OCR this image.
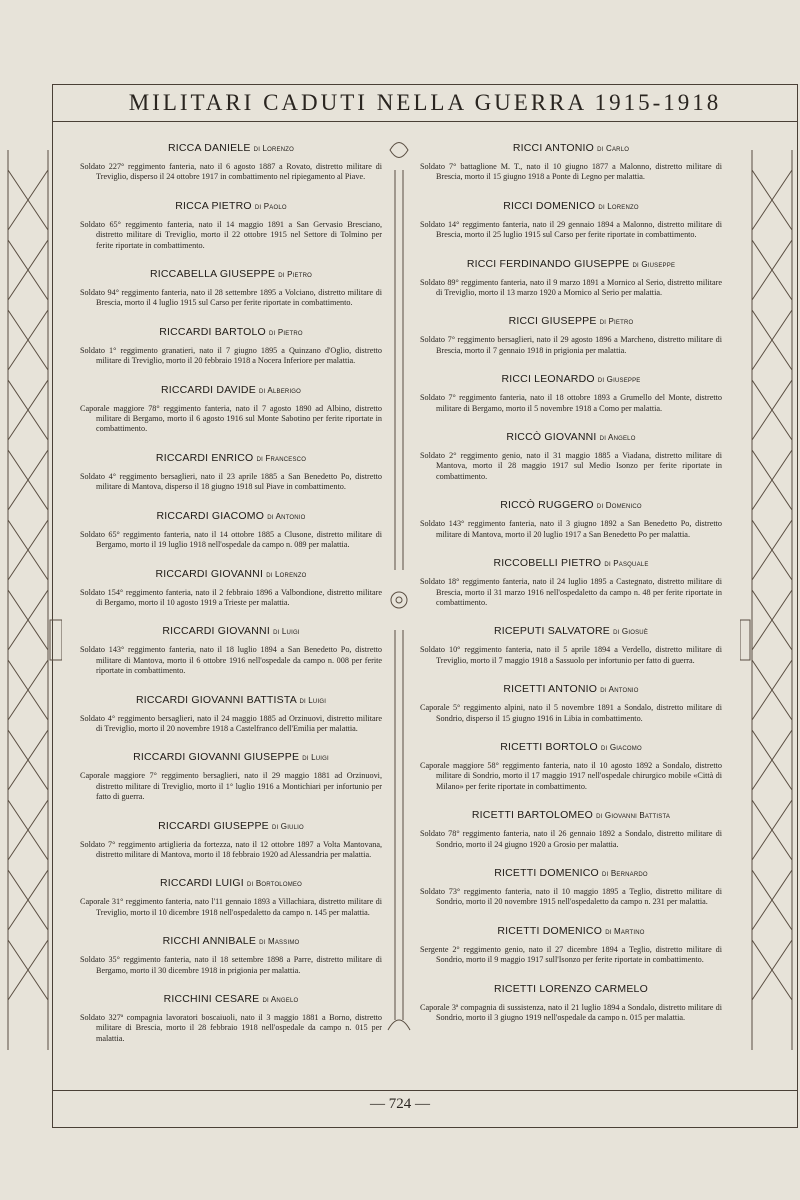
MILITARI CADUTI NELLA GUERRA 1915-1918
RICCA DANIELE di Lorenzo
Soldato 227° reggimento fanteria, nato il 6 agosto 1887 a Rovato, distretto militare di Treviglio, disperso il 24 ottobre 1917 in combattimento nel ripiegamento al Piave.
RICCA PIETRO di Paolo
Soldato 65° reggimento fanteria, nato il 14 maggio 1891 a San Gervasio Bresciano, distretto militare di Treviglio, morto il 22 ottobre 1915 nel Settore di Tolmino per ferite riportate in combattimento.
RICCABELLA GIUSEPPE di Pietro
Soldato 94° reggimento fanteria, nato il 28 settembre 1895 a Volciano, distretto militare di Brescia, morto il 4 luglio 1915 sul Carso per ferite riportate in combattimento.
RICCARDI BARTOLO di Pietro
Soldato 1° reggimento granatieri, nato il 7 giugno 1895 a Quinzano d'Oglio, distretto militare di Treviglio, morto il 20 febbraio 1918 a Nocera Inferiore per malattia.
RICCARDI DAVIDE di Alberigo
Caporale maggiore 78° reggimento fanteria, nato il 7 agosto 1890 ad Albino, distretto militare di Bergamo, morto il 6 agosto 1916 sul Monte Sabotino per ferite riportate in combattimento.
RICCARDI ENRICO di Francesco
Soldato 4° reggimento bersaglieri, nato il 23 aprile 1885 a San Benedetto Po, distretto militare di Mantova, disperso il 18 giugno 1918 sul Piave in combattimento.
RICCARDI GIACOMO di Antonio
Soldato 65° reggimento fanteria, nato il 14 ottobre 1885 a Clusone, distretto militare di Bergamo, morto il 19 luglio 1918 nell'ospedale da campo n. 089 per malattia.
RICCARDI GIOVANNI di Lorenzo
Soldato 154° reggimento fanteria, nato il 2 febbraio 1896 a Valbondione, distretto militare di Bergamo, morto il 10 agosto 1919 a Trieste per malattia.
RICCARDI GIOVANNI di Luigi
Soldato 143° reggimento fanteria, nato il 18 luglio 1894 a San Benedetto Po, distretto militare di Mantova, morto il 6 ottobre 1916 nell'ospedale da campo n. 008 per ferite riportate in combattimento.
RICCARDI GIOVANNI BATTISTA di Luigi
Soldato 4° reggimento bersaglieri, nato il 24 maggio 1885 ad Orzinuovi, distretto militare di Treviglio, morto il 20 novembre 1918 a Castelfranco dell'Emilia per malattia.
RICCARDI GIOVANNI GIUSEPPE di Luigi
Caporale maggiore 7° reggimento bersaglieri, nato il 29 maggio 1881 ad Orzinuovi, distretto militare di Treviglio, morto il 1° luglio 1916 a Montichiari per infortunio per fatto di guerra.
RICCARDI GIUSEPPE di Giulio
Soldato 7° reggimento artiglieria da fortezza, nato il 12 ottobre 1897 a Volta Mantovana, distretto militare di Mantova, morto il 18 febbraio 1920 ad Alessandria per malattia.
RICCARDI LUIGI di Bortolomeo
Caporale 31° reggimento fanteria, nato l'11 gennaio 1893 a Villachiara, distretto militare di Treviglio, morto il 10 dicembre 1918 nell'ospedaletto da campo n. 145 per malattia.
RICCHI ANNIBALE di Massimo
Soldato 35° reggimento fanteria, nato il 18 settembre 1898 a Parre, distretto militare di Bergamo, morto il 30 dicembre 1918 in prigionia per malattia.
RICCHINI CESARE di Angelo
Soldato 327ª compagnia lavoratori boscaiuoli, nato il 3 maggio 1881 a Borno, distretto militare di Brescia, morto il 28 febbraio 1918 nell'ospedale da campo n. 015 per malattia.
RICCI ANTONIO di Carlo
Soldato 7° battaglione M. T., nato il 10 giugno 1877 a Malonno, distretto militare di Brescia, morto il 15 giugno 1918 a Ponte di Legno per malattia.
RICCI DOMENICO di Lorenzo
Soldato 14° reggimento fanteria, nato il 29 gennaio 1894 a Malonno, distretto militare di Brescia, morto il 25 luglio 1915 sul Carso per ferite riportate in combattimento.
RICCI FERDINANDO GIUSEPPE di Giuseppe
Soldato 89° reggimento fanteria, nato il 9 marzo 1891 a Mornico al Serio, distretto militare di Treviglio, morto il 13 marzo 1920 a Mornico al Serio per malattia.
RICCI GIUSEPPE di Pietro
Soldato 7° reggimento bersaglieri, nato il 29 agosto 1896 a Marcheno, distretto militare di Brescia, morto il 7 gennaio 1918 in prigionia per malattia.
RICCI LEONARDO di Giuseppe
Soldato 7° reggimento fanteria, nato il 18 ottobre 1893 a Grumello del Monte, distretto militare di Bergamo, morto il 5 novembre 1918 a Como per malattia.
RICCÒ GIOVANNI di Angelo
Soldato 2° reggimento genio, nato il 31 maggio 1885 a Viadana, distretto militare di Mantova, morto il 28 maggio 1917 sul Medio Isonzo per ferite riportate in combattimento.
RICCÒ RUGGERO di Domenico
Soldato 143° reggimento fanteria, nato il 3 giugno 1892 a San Benedetto Po, distretto militare di Mantova, morto il 20 luglio 1917 a San Benedetto Po per malattia.
RICCOBELLI PIETRO di Pasquale
Soldato 18° reggimento fanteria, nato il 24 luglio 1895 a Castegnato, distretto militare di Brescia, morto il 31 marzo 1916 nell'ospedaletto da campo n. 48 per ferite riportate in combattimento.
RICEPUTI SALVATORE di Giosuè
Soldato 10° reggimento fanteria, nato il 5 aprile 1894 a Verdello, distretto militare di Treviglio, morto il 7 maggio 1918 a Sassuolo per infortunio per fatto di guerra.
RICETTI ANTONIO di Antonio
Caporale 5° reggimento alpini, nato il 5 novembre 1891 a Sondalo, distretto militare di Sondrio, disperso il 15 giugno 1916 in Libia in combattimento.
RICETTI BORTOLO di Giacomo
Caporale maggiore 58° reggimento fanteria, nato il 10 agosto 1892 a Sondalo, distretto militare di Sondrio, morto il 17 maggio 1917 nell'ospedale chirurgico mobile «Città di Milano» per ferite riportate in combattimento.
RICETTI BARTOLOMEO di Giovanni Battista
Soldato 78° reggimento fanteria, nato il 26 gennaio 1892 a Sondalo, distretto militare di Sondrio, morto il 24 giugno 1920 a Grosio per malattia.
RICETTI DOMENICO di Bernardo
Soldato 73° reggimento fanteria, nato il 10 maggio 1895 a Teglio, distretto militare di Sondrio, morto il 20 novembre 1915 nell'ospedaletto da campo n. 231 per malattia.
RICETTI DOMENICO di Martino
Sergente 2° reggimento genio, nato il 27 dicembre 1894 a Teglio, distretto militare di Sondrio, morto il 9 maggio 1917 sull'Isonzo per ferite riportate in combattimento.
RICETTI LORENZO CARMELO
Caporale 3ª compagnia di sussistenza, nato il 21 luglio 1894 a Sondalo, distretto militare di Sondrio, morto il 3 giugno 1919 nell'ospedale da campo n. 015 per malattia.
— 724 —
